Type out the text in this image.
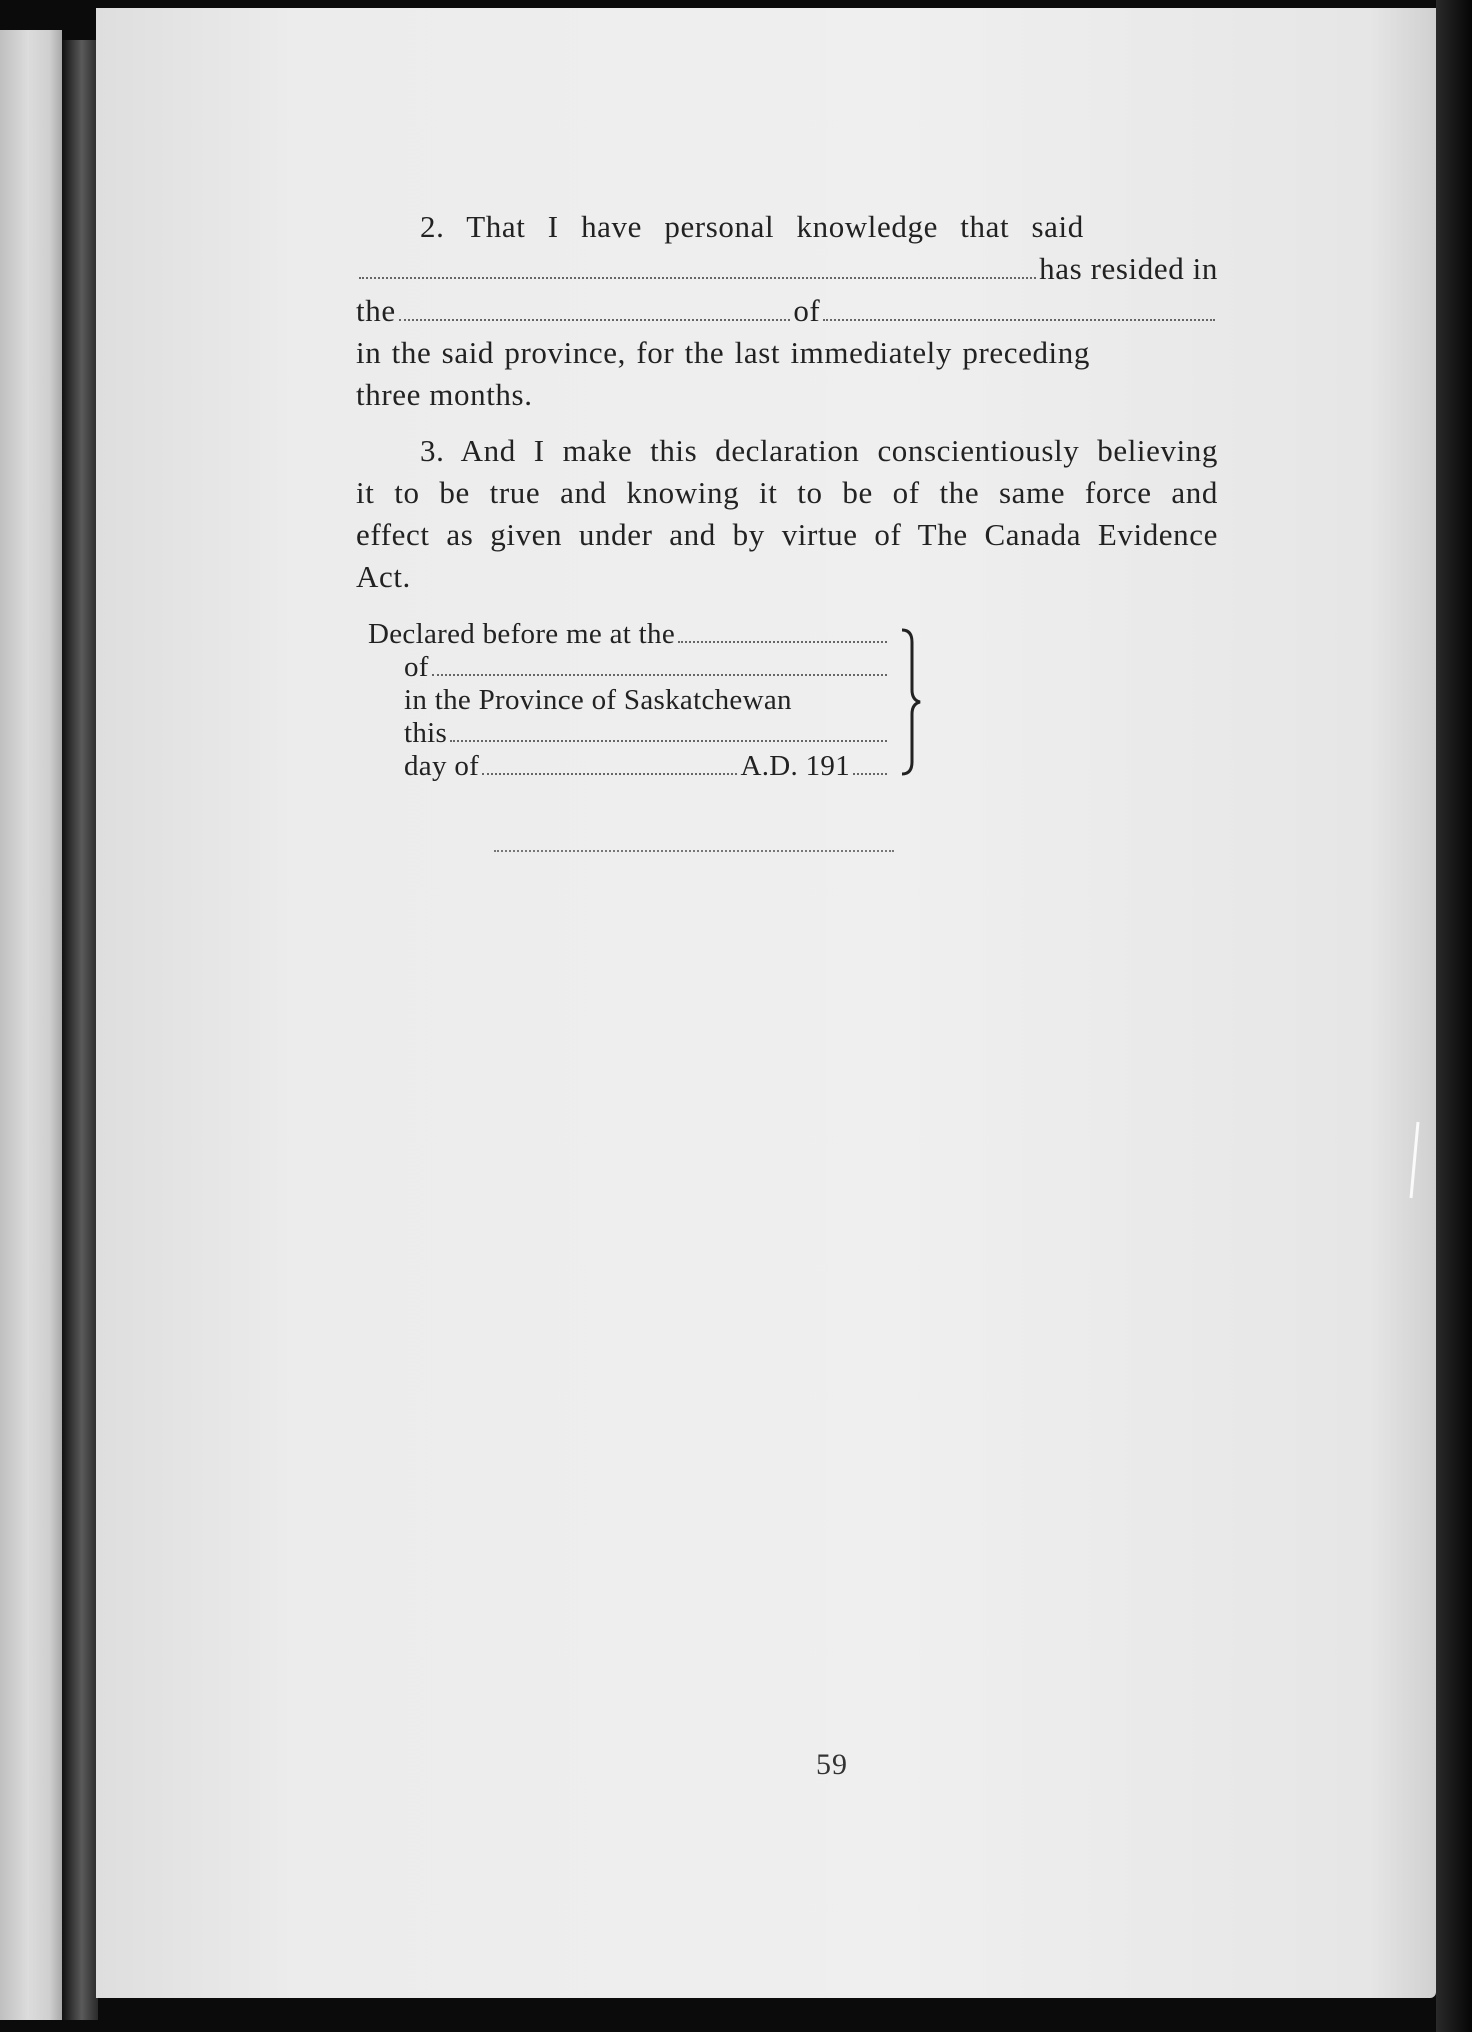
2. That I have personal knowledge that said
has resided in
the	of
in the said province, for the last immediately preceding
three months.

3. And I make this declaration conscientiously believing it to be true and knowing it to be of the same force and effect as given under and by virtue of The Canada Evidence Act.

Declared before me at the
of
in the Province of Saskatchewan
this
day of	A.D. 191
59
